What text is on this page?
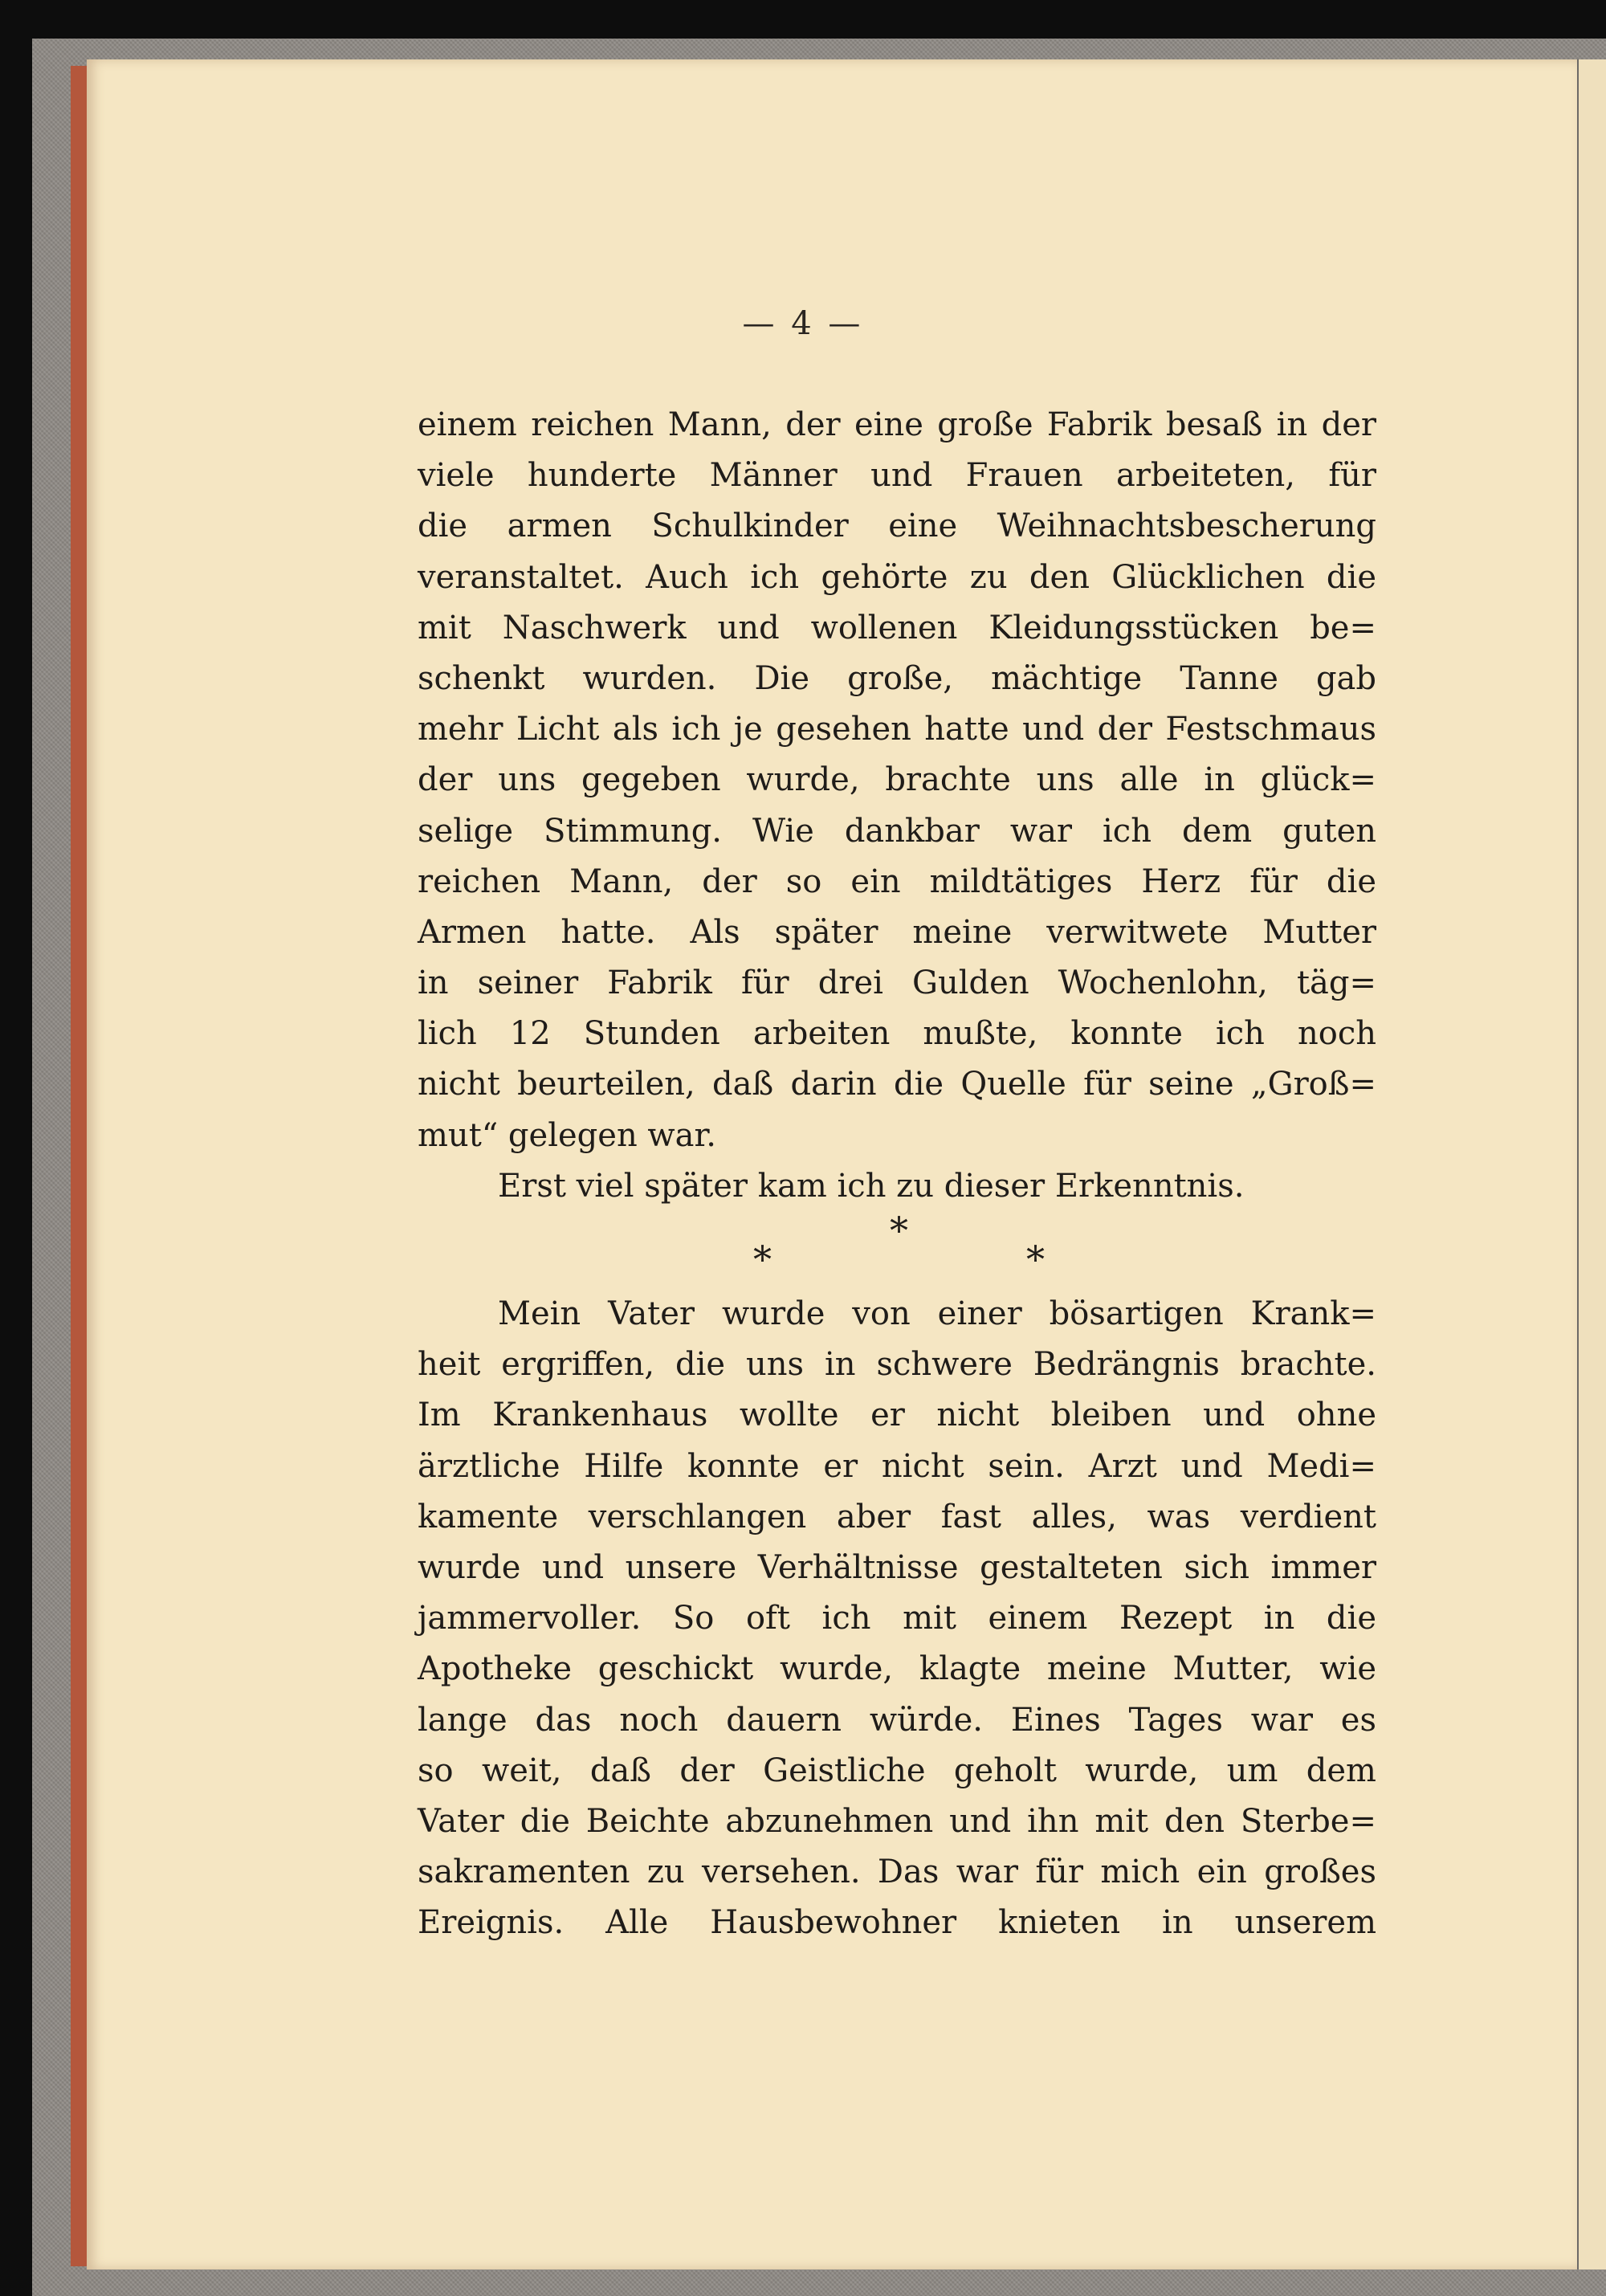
— 4 —
einem reichen Mann, der eine große Fabrik besaß in der
viele hunderte Männer und Frauen arbeiteten, für
die armen Schulkinder eine Weihnachtsbescherung
veranstaltet. Auch ich gehörte zu den Glücklichen die
mit Naschwerk und wollenen Kleidungsstücken be=
schenkt wurden. Die große, mächtige Tanne gab
mehr Licht als ich je gesehen hatte und der Festschmaus
der uns gegeben wurde, brachte uns alle in glück=
selige Stimmung. Wie dankbar war ich dem guten
reichen Mann, der so ein mildtätiges Herz für die
Armen hatte. Als später meine verwitwete Mutter
in seiner Fabrik für drei Gulden Wochenlohn, täg=
lich 12 Stunden arbeiten mußte, konnte ich noch
nicht beurteilen, daß darin die Quelle für seine „Groß=
mut“ gelegen war.
Erst viel später kam ich zu dieser Erkenntnis.
*
*	*
Mein Vater wurde von einer bösartigen Krank=
heit ergriffen, die uns in schwere Bedrängnis brachte.
Im Krankenhaus wollte er nicht bleiben und ohne
ärztliche Hilfe konnte er nicht sein. Arzt und Medi=
kamente verschlangen aber fast alles, was verdient
wurde und unsere Verhältnisse gestalteten sich immer
jammervoller. So oft ich mit einem Rezept in die
Apotheke geschickt wurde, klagte meine Mutter, wie
lange das noch dauern würde. Eines Tages war es
so weit, daß der Geistliche geholt wurde, um dem
Vater die Beichte abzunehmen und ihn mit den Sterbe=
sakramenten zu versehen. Das war für mich ein großes
Ereignis. Alle Hausbewohner knieten in unserem
